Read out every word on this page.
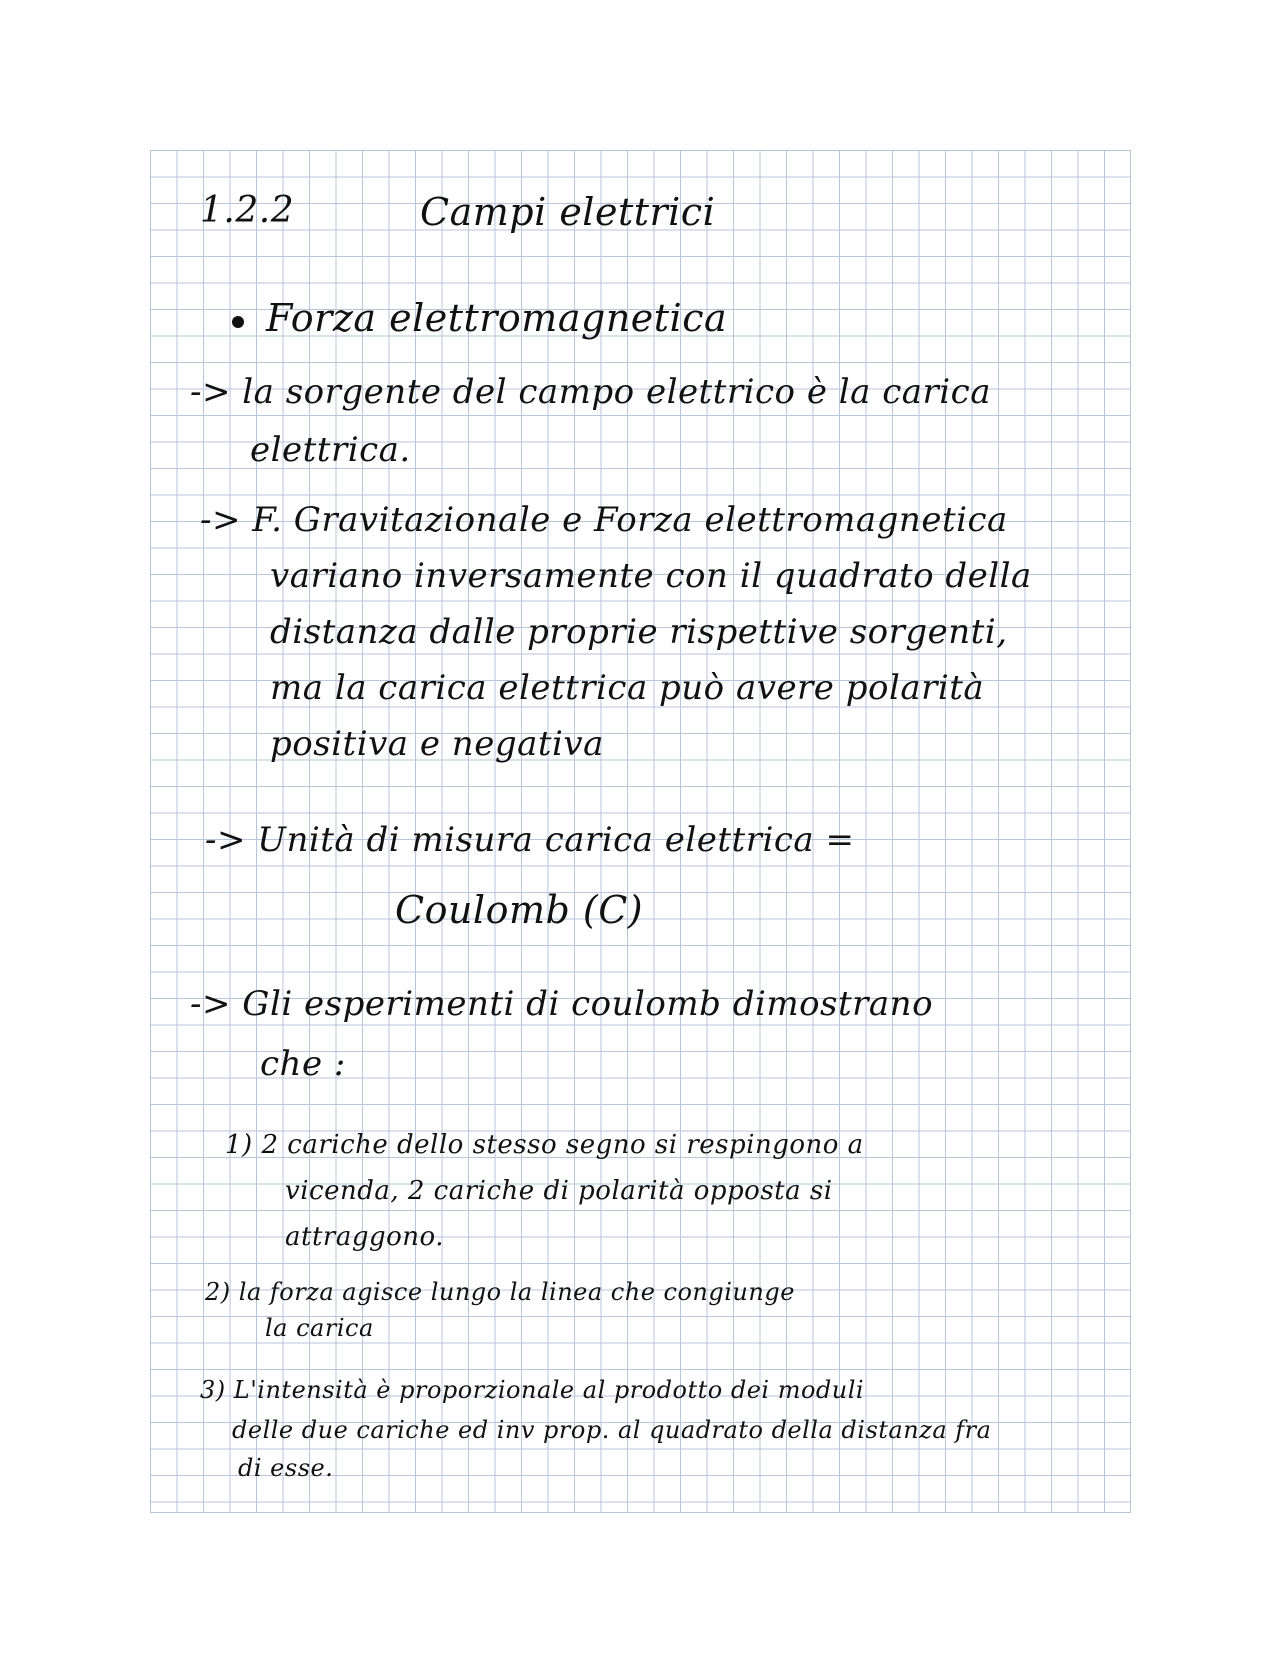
1.2.2	Campi elettrici
Forza elettromagnetica
-> la sorgente del campo elettrico è la carica
elettrica.
-> F. Gravitazionale e Forza elettromagnetica
variano inversamente con il quadrato della
distanza dalle proprie rispettive sorgenti,
ma la carica elettrica può avere polarità
positiva e negativa
-> Unità di misura carica elettrica =
Coulomb (C)
-> Gli esperimenti di coulomb dimostrano
che :
1) 2 cariche dello stesso segno si respingono a
vicenda, 2 cariche di polarità opposta si
attraggono.
2) la forza agisce lungo la linea che congiunge
la carica
3) L'intensità è proporzionale al prodotto dei moduli
delle due cariche ed inv prop. al quadrato della distanza fra
di esse.
